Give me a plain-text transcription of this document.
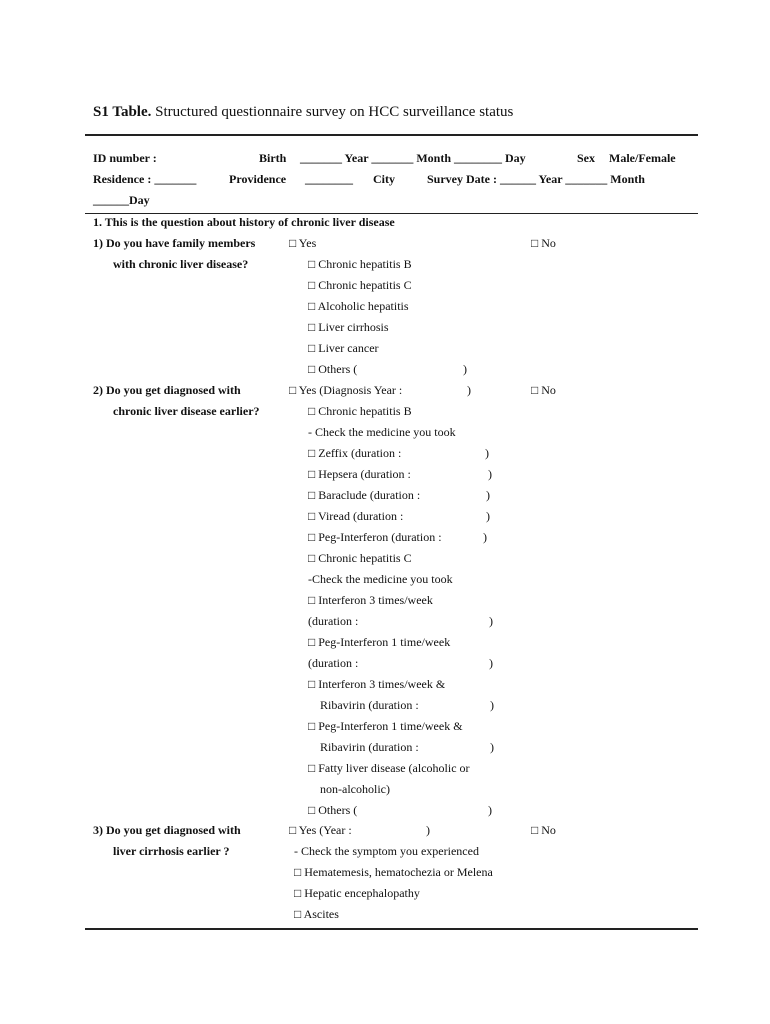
S1 Table. Structured questionnaire survey on HCC surveillance status
ID number :	Birth _______ Year _______ Month ________ Day	Sex Male/Female
Residence : _______	Providence ________ City	Survey Date : ______ Year _______ Month
______Day
1. This is the question about history of chronic liver disease
1) Do you have family members
with chronic liver disease?
□ Yes	□ No
□ Chronic hepatitis B
□ Chronic hepatitis C
□ Alcoholic hepatitis
□ Liver cirrhosis
□ Liver cancer
□ Others (	)
2) Do you get diagnosed with
chronic liver disease earlier?
□ Yes (Diagnosis Year :	)	□ No
□ Chronic hepatitis B
- Check the medicine you took
□ Zeffix (duration :	)
□ Hepsera (duration :	)
□ Baraclude (duration :	)
□ Viread (duration :	)
□ Peg-Interferon (duration :	)
□ Chronic hepatitis C
-Check the medicine you took
□ Interferon 3 times/week
(duration :	)
□ Peg-Interferon 1 time/week
(duration :	)
□ Interferon 3 times/week &
Ribavirin (duration :	)
□ Peg-Interferon 1 time/week &
Ribavirin (duration :	)
□ Fatty liver disease (alcoholic or
non-alcoholic)
□ Others (	)
3) Do you get diagnosed with
liver cirrhosis earlier ?
□ Yes (Year :	)	□ No
- Check the symptom you experienced
□ Hematemesis, hematochezia or Melena
□ Hepatic encephalopathy
□ Ascites
